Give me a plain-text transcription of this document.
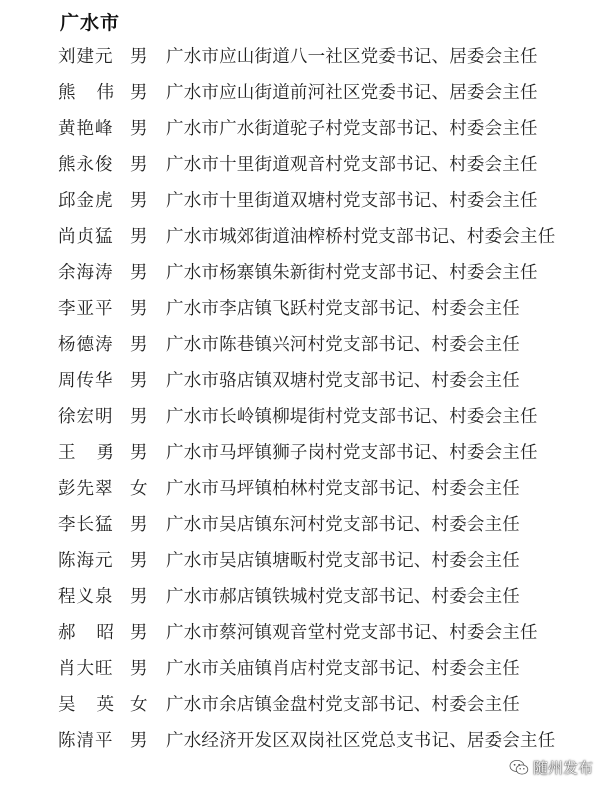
广水市
刘建元 男 广水市应山街道八一社区党委书记、居委会主任
熊伟
男 广水市应山街道前河社区党委书记、居委会主任
黄艳峰 男 广水市广水街道驼子村党支部书记、村委会主任
熊永俊 男 广水市十里街道观音村党支部书记、村委会主任
邱金虎 男 广水市十里街道双塘村党支部书记、村委会主任
尚贞猛 男 广水市城郊街道油榨桥村党支部书记、村委会主任
余海涛 男 广水市杨寨镇朱新街村党支部书记、村委会主任
李亚平 男 广水市李店镇飞跃村党支部书记、村委会主任
杨德涛 男 广水市陈巷镇兴河村党支部书记、村委会主任
周传华 男 广水市骆店镇双塘村党支部书记、村委会主任
徐宏明 男 广水市长岭镇柳堤街村党支部书记、村委会主任
王勇
男 广水市马坪镇狮子岗村党支部书记、村委会主任
彭先翠 女 广水市马坪镇柏林村党支部书记、村委会主任
李长猛 男 广水市吴店镇东河村党支部书记、村委会主任
陈海元 男 广水市吴店镇塘畈村党支部书记、村委会主任
程义泉 男 广水市郝店镇铁城村党支部书记、村委会主任
郝昭
男 广水市蔡河镇观音堂村党支部书记、村委会主任
肖大旺 男 广水市关庙镇肖店村党支部书记、村委会主任
吴英
女 广水市余店镇金盘村党支部书记、村委会主任
陈清平 男 广水经济开发区双岗社区党总支书记、居委会主任
随州发布
